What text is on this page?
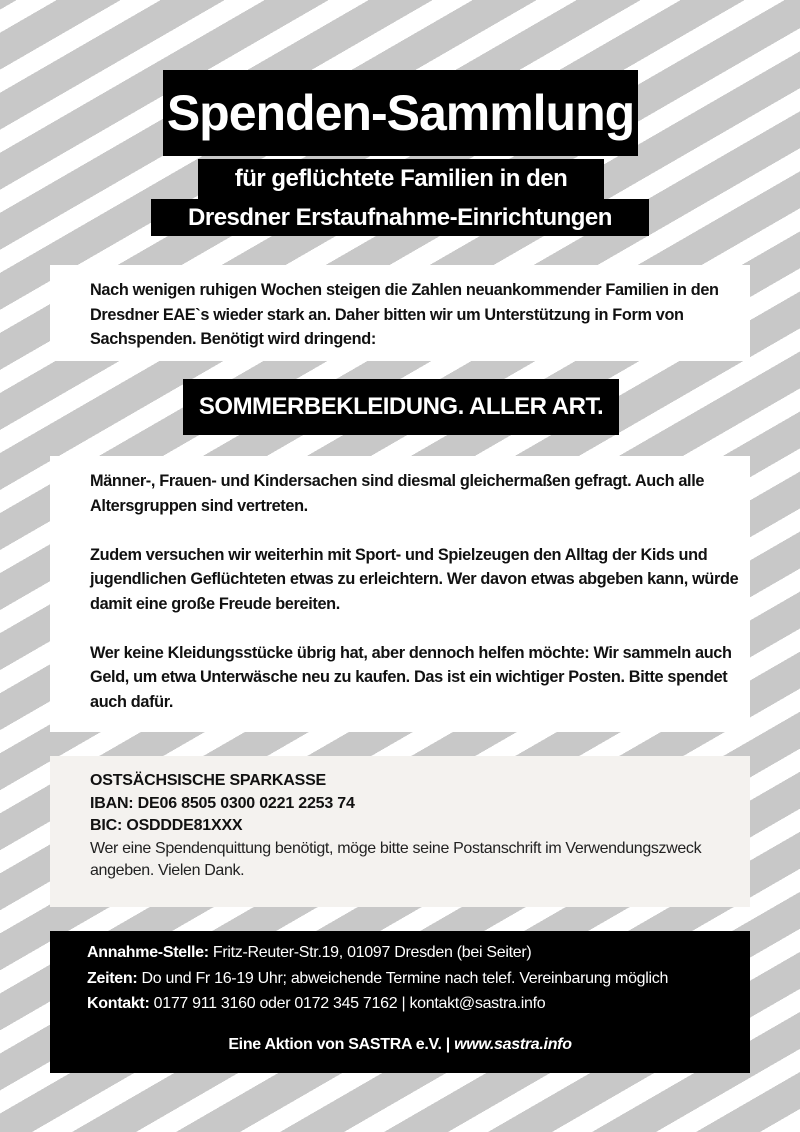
Spenden-Sammlung
für geflüchtete Familien in den
Dresdner Erstaufnahme-Einrichtungen

Nach wenigen ruhigen Wochen steigen die Zahlen neuankommender Familien in den Dresdner EAE`s wieder stark an. Daher bitten wir um Unterstützung in Form von Sachspenden. Benötigt wird dringend:

SOMMERBEKLEIDUNG. ALLER ART.

Männer-, Frauen- und Kindersachen sind diesmal gleichermaßen gefragt. Auch alle Altersgruppen sind vertreten.

Zudem versuchen wir weiterhin mit Sport- und Spielzeugen den Alltag der Kids und jugendlichen Geflüchteten etwas zu erleichtern. Wer davon etwas abgeben kann, würde damit eine große Freude bereiten.

Wer keine Kleidungsstücke übrig hat, aber dennoch helfen möchte: Wir sammeln auch Geld, um etwa Unterwäsche neu zu kaufen. Das ist ein wichtiger Posten. Bitte spendet auch dafür.

OSTSÄCHSISCHE SPARKASSE
IBAN: DE06 8505 0300 0221 2253 74
BIC: OSDDDE81XXX

Wer eine Spendenquittung benötigt, möge bitte seine Postanschrift im Verwendungszweck angeben. Vielen Dank.

Annahme-Stelle: Fritz-Reuter-Str.19, 01097 Dresden (bei Seiter)
Zeiten: Do und Fr 16-19 Uhr; abweichende Termine nach telef. Vereinbarung möglich
Kontakt: 0177 911 3160 oder 0172 345 7162 | kontakt@sastra.info
Eine Aktion von SASTRA e.V. | www.sastra.info
